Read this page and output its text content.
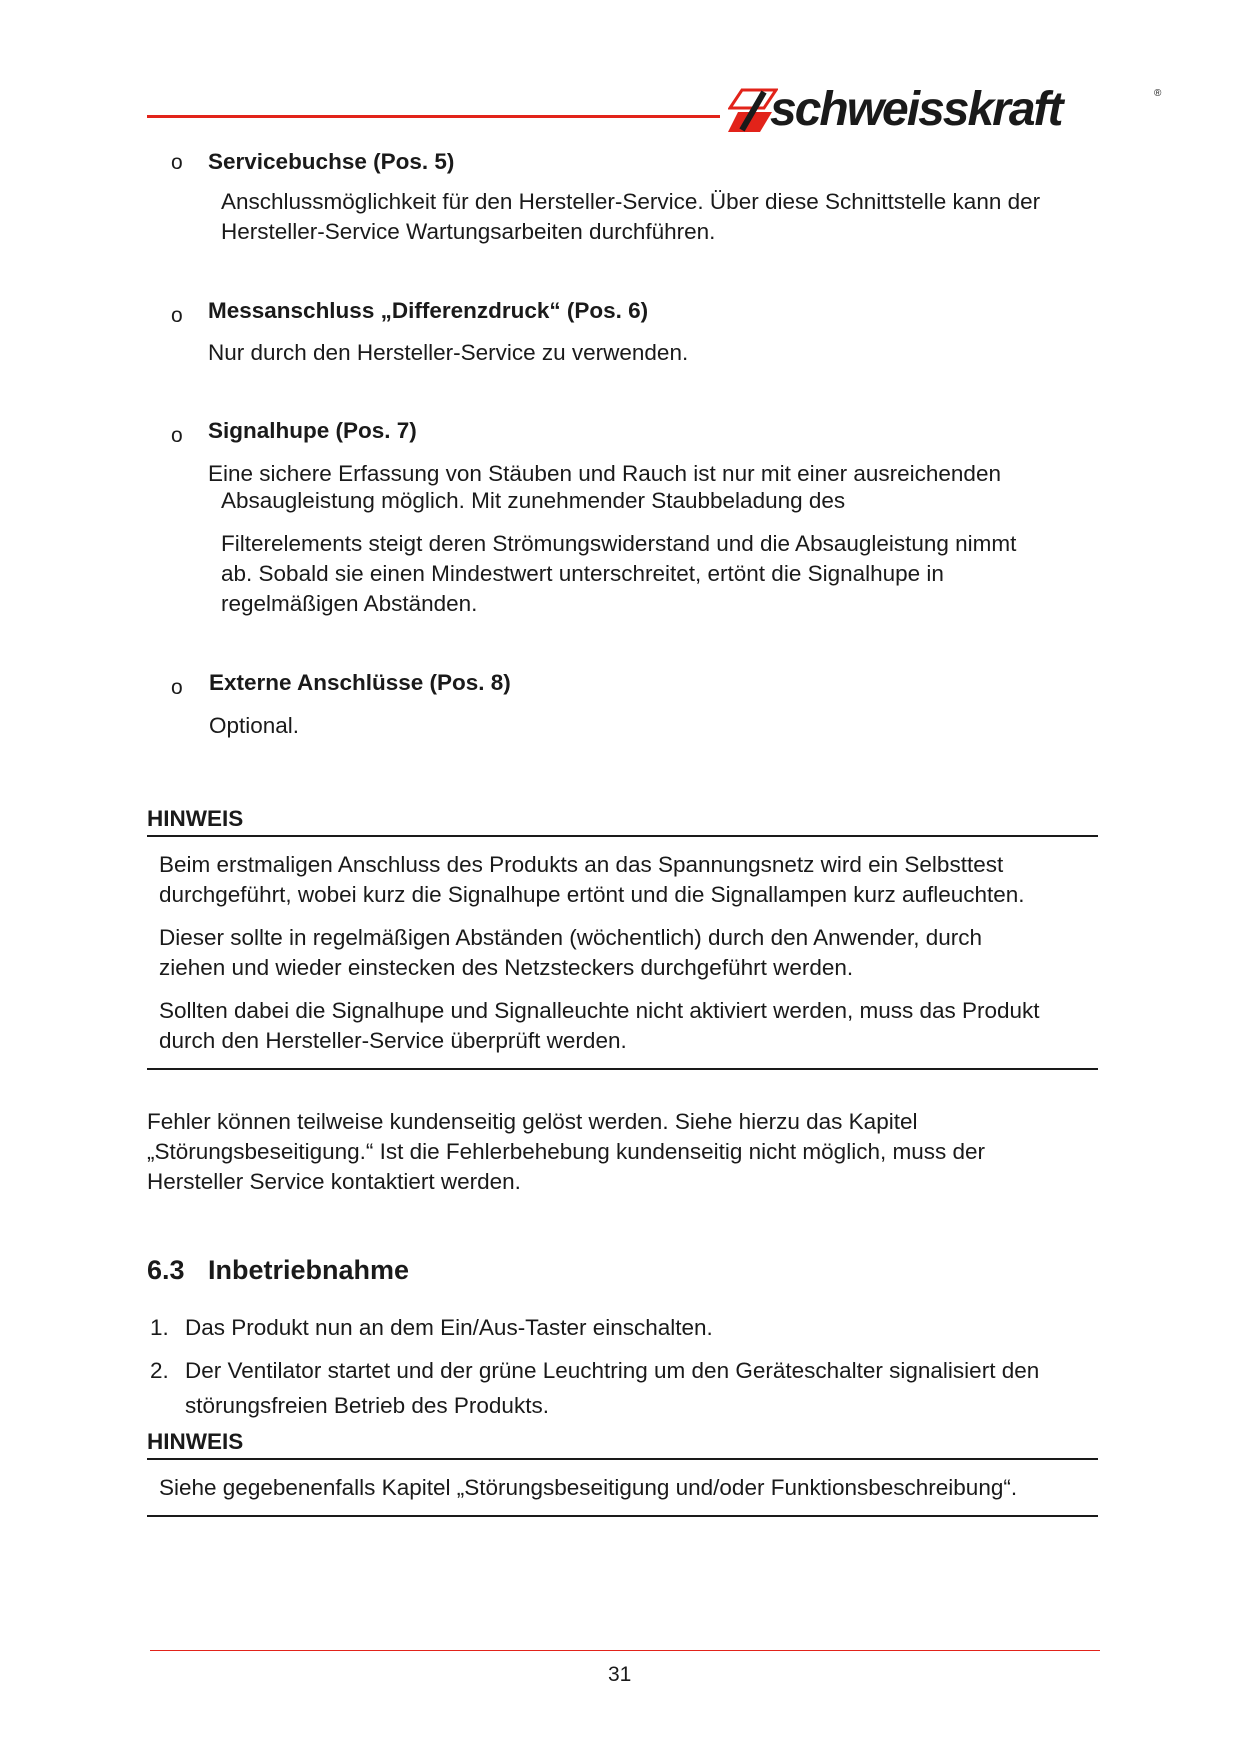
schweisskraft	®
o Servicebuchse (Pos. 5)
Anschlussmöglichkeit für den Hersteller-Service. Über diese Schnittstelle kann der
Hersteller-Service Wartungsarbeiten durchführen.
o Messanschluss „Differenzdruck“ (Pos. 6)
Nur durch den Hersteller-Service zu verwenden.
o Signalhupe (Pos. 7)
Eine sichere Erfassung von Stäuben und Rauch ist nur mit einer ausreichenden
Absaugleistung möglich. Mit zunehmender Staubbeladung des
Filterelements steigt deren Strömungswiderstand und die Absaugleistung nimmt
ab. Sobald sie einen Mindestwert unterschreitet, ertönt die Signalhupe in
regelmäßigen Abständen.
o Externe Anschlüsse (Pos. 8)
Optional.
HINWEIS
Beim erstmaligen Anschluss des Produkts an das Spannungsnetz wird ein Selbsttest
durchgeführt, wobei kurz die Signalhupe ertönt und die Signallampen kurz aufleuchten.
Dieser sollte in regelmäßigen Abständen (wöchentlich) durch den Anwender, durch
ziehen und wieder einstecken des Netzsteckers durchgeführt werden.
Sollten dabei die Signalhupe und Signalleuchte nicht aktiviert werden, muss das Produkt
durch den Hersteller-Service überprüft werden.
Fehler können teilweise kundenseitig gelöst werden. Siehe hierzu das Kapitel
„Störungsbeseitigung.“ Ist die Fehlerbehebung kundenseitig nicht möglich, muss der
Hersteller Service kontaktiert werden.
6.3 Inbetriebnahme
1. Das Produkt nun an dem Ein/Aus-Taster einschalten.
2. Der Ventilator startet und der grüne Leuchtring um den Geräteschalter signalisiert den
störungsfreien Betrieb des Produkts.
HINWEIS
Siehe gegebenenfalls Kapitel „Störungsbeseitigung und/oder Funktionsbeschreibung“.
31
